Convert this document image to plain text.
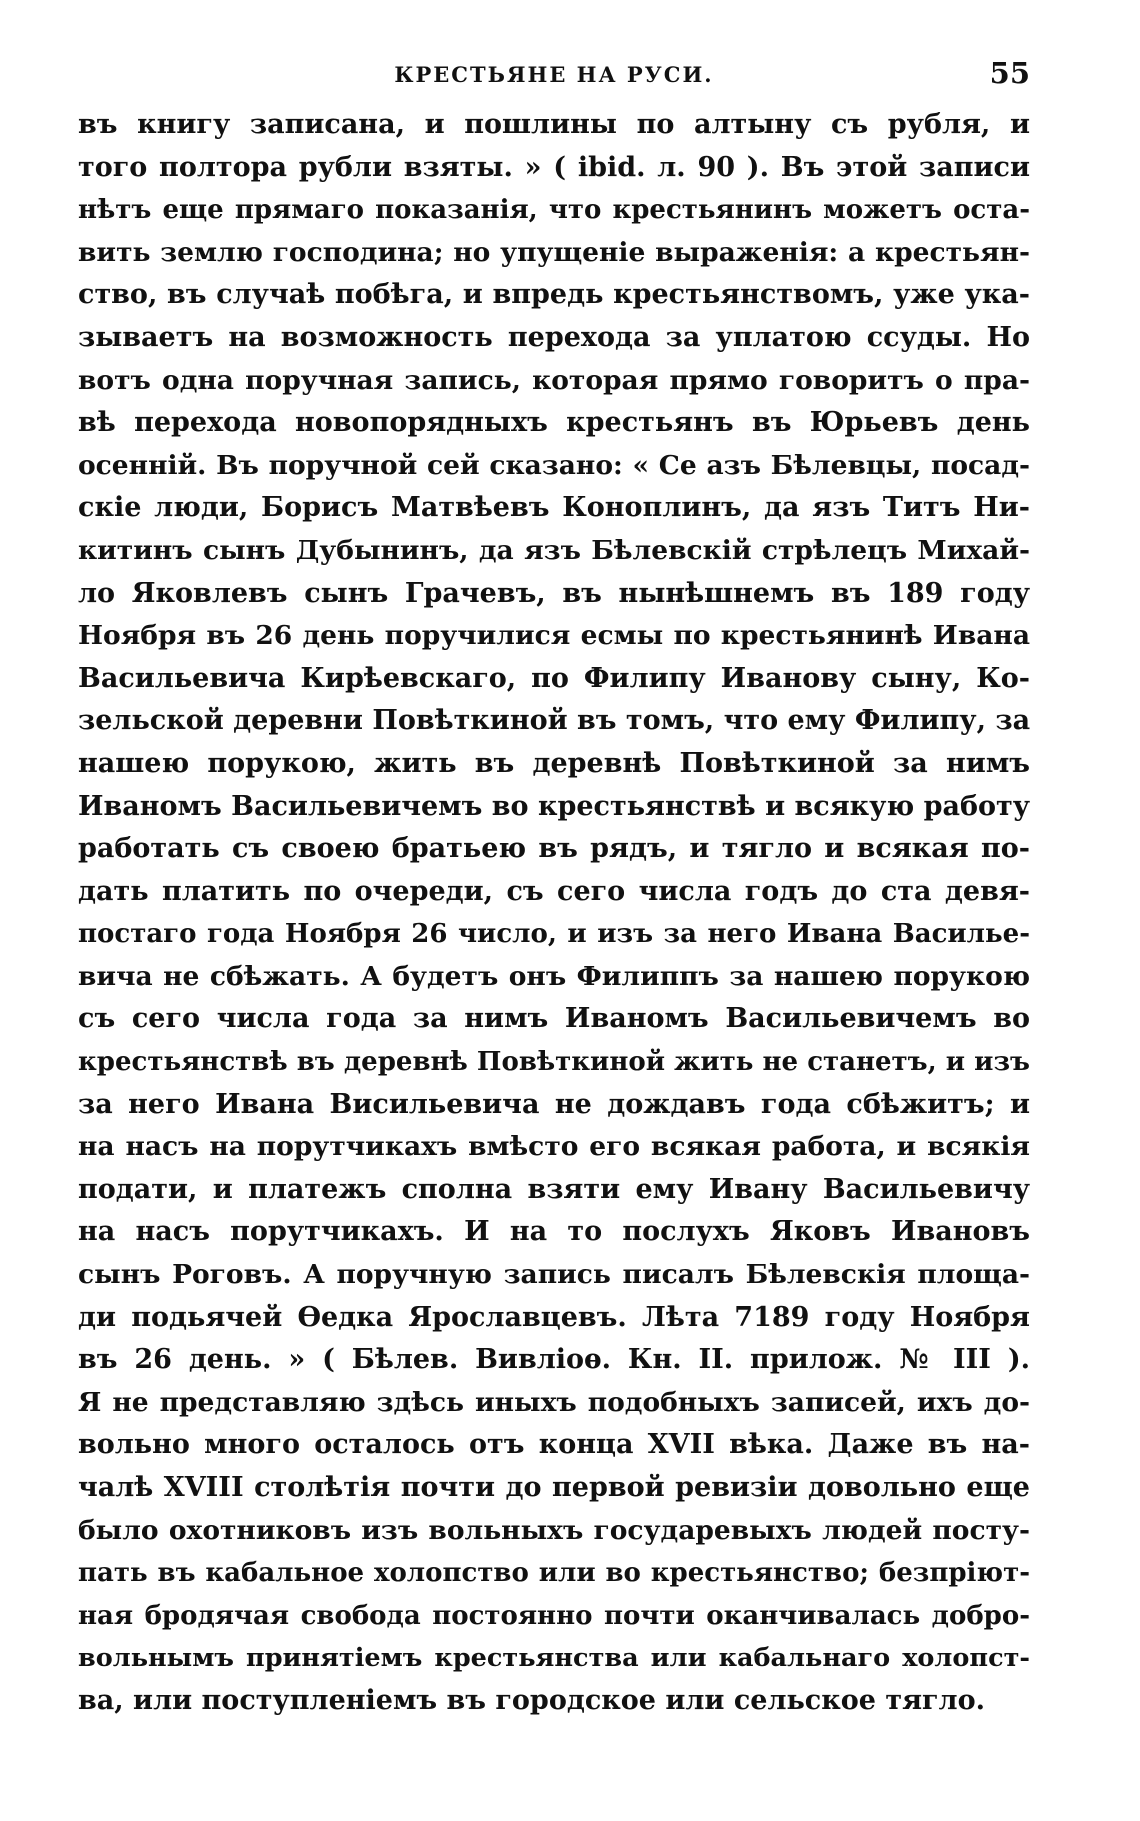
КРЕСТЬЯНЕ НА РУСИ.	55
въ книгу записана, и пошлины по алтыну съ рубля, и
того полтора рубли взяты. » ( ibid. л. 90 ). Въ этой записи
нѣтъ еще прямаго показанія, что крестьянинъ можетъ оста-
вить землю господина; но упущеніе выраженія: а крестьян-
ство, въ случаѣ побѣга, и впредь крестьянствомъ, уже ука-
зываетъ на возможность перехода за уплатою ссуды. Но
вотъ одна поручная запись, которая прямо говоритъ о пра-
вѣ перехода новопорядныхъ крестьянъ въ Юрьевъ день
осенній. Въ поручной сей сказано: « Се азъ Бѣлевцы, посад-
скіе люди, Борисъ Матвѣевъ Коноплинъ, да язъ Титъ Ни-
китинъ сынъ Дубынинъ, да язъ Бѣлевскій стрѣлецъ Михай-
ло Яковлевъ сынъ Грачевъ, въ нынѣшнемъ въ 189 году
Ноября въ 26 день поручилися есмы по крестьянинѣ Ивана
Васильевича Кирѣевскаго, по Филипу Иванову сыну, Ко-
зельской деревни Повѣткиной въ томъ, что ему Филипу, за
нашею порукою, жить въ деревнѣ Повѣткиной за нимъ
Иваномъ Васильевичемъ во крестьянствѣ и всякую работу
работать съ своею братьею въ рядъ, и тягло и всякая по-
дать платить по очереди, съ сего числа годъ до ста девя-
постаго года Ноября 26 число, и изъ за него Ивана Василье-
вича не сбѣжать. А будетъ онъ Филиппъ за нашею порукою
съ сего числа года за нимъ Иваномъ Васильевичемъ во
крестьянствѣ въ деревнѣ Повѣткиной жить не станетъ, и изъ
за него Ивана Висильевича не дождавъ года сбѣжитъ; и
на насъ на порутчикахъ вмѣсто его всякая работа, и всякія
подати, и платежъ сполна взяти ему Ивану Васильевичу
на насъ порутчикахъ. И на то послухъ Яковъ Ивановъ
сынъ Роговъ. А поручную запись писалъ Бѣлевскія площа-
ди подьячей Ѳедка Ярославцевъ. Лѣта 7189 году Ноября
въ 26 день. » ( Бѣлев. Вивліоѳ. Кн. II. прилож. № III ).
Я не представляю здѣсь иныхъ подобныхъ записей, ихъ до-
вольно много осталось отъ конца XVII вѣка. Даже въ на-
чалѣ XVIII столѣтія почти до первой ревизіи довольно еще
было охотниковъ изъ вольныхъ государевыхъ людей посту-
пать въ кабальное холопство или во крестьянство; безпріют-
ная бродячая свобода постоянно почти оканчивалась добро-
вольнымъ принятіемъ крестьянства или кабальнаго холопст-
ва, или поступленіемъ въ городское или сельское тягло.
